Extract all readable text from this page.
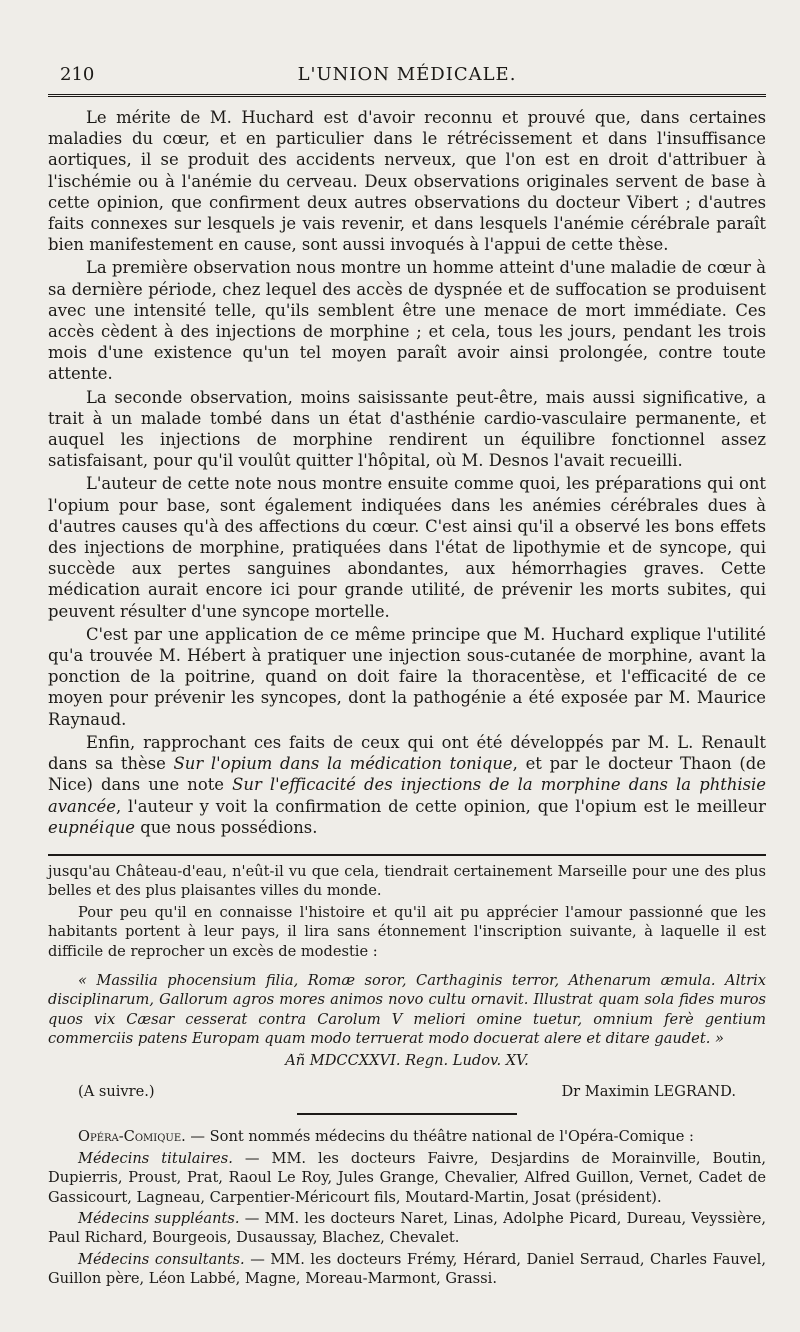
210	L'UNION MÉDICALE.

Le mérite de M. Huchard est d'avoir reconnu et prouvé que, dans certaines maladies du cœur, et en particulier dans le rétrécissement et dans l'insuffisance aortiques, il se produit des accidents nerveux, que l'on est en droit d'attribuer à l'ischémie ou à l'anémie du cerveau. Deux observations originales servent de base à cette opinion, que confirment deux autres observations du docteur Vibert ; d'autres faits connexes sur lesquels je vais revenir, et dans lesquels l'anémie cérébrale paraît bien manifestement en cause, sont aussi invoqués à l'appui de cette thèse.

La première observation nous montre un homme atteint d'une maladie de cœur à sa dernière période, chez lequel des accès de dyspnée et de suffocation se produisent avec une intensité telle, qu'ils semblent être une menace de mort immédiate. Ces accès cèdent à des injections de morphine ; et cela, tous les jours, pendant les trois mois d'une existence qu'un tel moyen paraît avoir ainsi prolongée, contre toute attente.

La seconde observation, moins saisissante peut-être, mais aussi significative, a trait à un malade tombé dans un état d'asthénie cardio-vasculaire permanente, et auquel les injections de morphine rendirent un équilibre fonctionnel assez satisfaisant, pour qu'il voulût quitter l'hôpital, où M. Desnos l'avait recueilli.

L'auteur de cette note nous montre ensuite comme quoi, les préparations qui ont l'opium pour base, sont également indiquées dans les anémies cérébrales dues à d'autres causes qu'à des affections du cœur. C'est ainsi qu'il a observé les bons effets des injections de morphine, pratiquées dans l'état de lipothymie et de syncope, qui succède aux pertes sanguines abondantes, aux hémorrhagies graves. Cette médication aurait encore ici pour grande utilité, de prévenir les morts subites, qui peuvent résulter d'une syncope mortelle.

C'est par une application de ce même principe que M. Huchard explique l'utilité qu'a trouvée M. Hébert à pratiquer une injection sous-cutanée de morphine, avant la ponction de la poitrine, quand on doit faire la thoracentèse, et l'efficacité de ce moyen pour prévenir les syncopes, dont la pathogénie a été exposée par M. Maurice Raynaud.

Enfin, rapprochant ces faits de ceux qui ont été développés par M. L. Renault dans sa thèse Sur l'opium dans la médication tonique, et par le docteur Thaon (de Nice) dans une note Sur l'efficacité des injections de la morphine dans la phthisie avancée, l'auteur y voit la confirmation de cette opinion, que l'opium est le meilleur eupnéique que nous possédions.

jusqu'au Château-d'eau, n'eût-il vu que cela, tiendrait certainement Marseille pour une des plus belles et des plus plaisantes villes du monde.

Pour peu qu'il en connaisse l'histoire et qu'il ait pu apprécier l'amour passionné que les habitants portent à leur pays, il lira sans étonnement l'inscription suivante, à laquelle il est difficile de reprocher un excès de modestie :

« Massilia phocensium filia, Romæ soror, Carthaginis terror, Athenarum æmula. Altrix disciplinarum, Gallorum agros mores animos novo cultu ornavit. Illustrat quam sola fides muros quos vix Cæsar cesserat contra Carolum V meliori omine tuetur, omnium ferè gentium commerciis patens Europam quam modo terruerat modo docuerat alere et ditare gaudet. »

Añ MDCCXXVI. Regn. Ludov. XV.

(A suivre.)	Dr Maximin LEGRAND.

Opéra-Comique. — Sont nommés médecins du théâtre national de l'Opéra-Comique :

Médecins titulaires. — MM. les docteurs Faivre, Desjardins de Morainville, Boutin, Dupierris, Proust, Prat, Raoul Le Roy, Jules Grange, Chevalier, Alfred Guillon, Vernet, Cadet de Gassicourt, Lagneau, Carpentier-Méricourt fils, Moutard-Martin, Josat (président).

Médecins suppléants. — MM. les docteurs Naret, Linas, Adolphe Picard, Dureau, Veyssière, Paul Richard, Bourgeois, Dusaussay, Blachez, Chevalet.

Médecins consultants. — MM. les docteurs Frémy, Hérard, Daniel Serraud, Charles Fauvel, Guillon père, Léon Labbé, Magne, Moreau-Marmont, Grassi.
